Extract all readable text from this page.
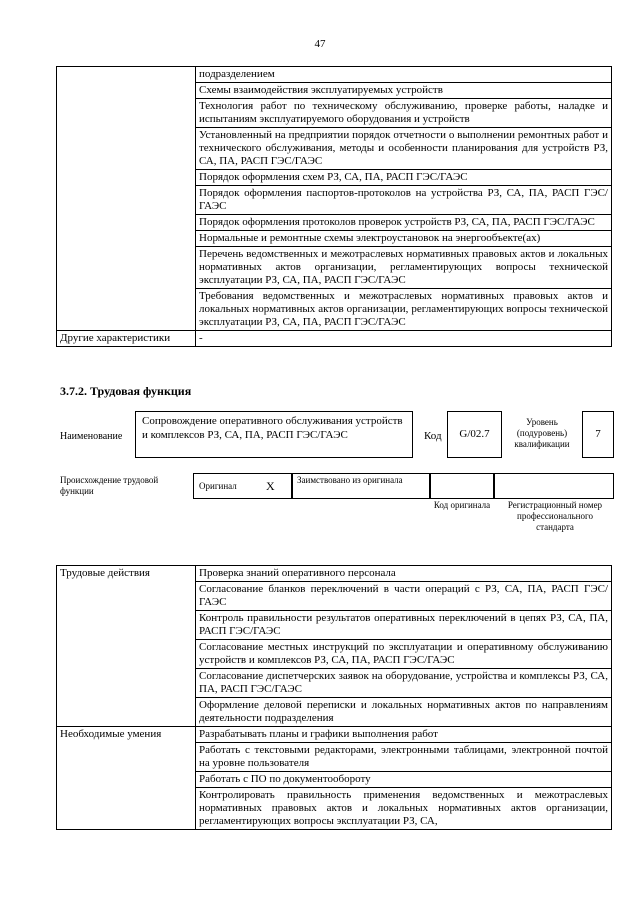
47
	подразделением
	Схемы взаимодействия эксплуатируемых устройств
	Технология работ по техническому обслуживанию, проверке работы, наладке и испытаниям эксплуатируемого оборудования и устройств
	Установленный на предприятии порядок отчетности о выполнении ремонтных работ и технического обслуживания, методы и особенности планирования для устройств РЗ, СА, ПА, РАСП ГЭС/ГАЭС
	Порядок оформления схем РЗ, СА, ПА, РАСП ГЭС/ГАЭС
	Порядок оформления паспортов-протоколов на устройства РЗ, СА, ПА, РАСП ГЭС/ГАЭС
	Порядок оформления протоколов проверок устройств РЗ, СА, ПА, РАСП ГЭС/ГАЭС
	Нормальные и ремонтные схемы электроустановок на энергообъекте(ах)
	Перечень ведомственных и межотраслевых нормативных правовых актов и локальных нормативных актов организации, регламентирующих вопросы технической эксплуатации РЗ, СА, ПА, РАСП ГЭС/ГАЭС
	Требования ведомственных и межотраслевых нормативных правовых актов и локальных нормативных актов организации, регламентирующих вопросы технической эксплуатации РЗ, СА, ПА, РАСП ГЭС/ГАЭС
Другие характеристики	-
3.7.2. Трудовая функция
Наименование
Сопровождение оперативного обслуживания устройств и комплексов РЗ, СА, ПА, РАСП ГЭС/ГАЭС	Код	G/02.7
Уровень (подуровень) квалификации
7
Происхождение трудовой функции	Оригинал X Заимствовано из оригинала
Код оригинала	Регистрационный номер профессионального стандарта
Трудовые действия	Проверка знаний оперативного персонала
	Согласование бланков переключений в части операций с РЗ, СА, ПА, РАСП ГЭС/ГАЭС
	Контроль правильности результатов оперативных переключений в цепях РЗ, СА, ПА, РАСП ГЭС/ГАЭС
	Согласование местных инструкций по эксплуатации и оперативному обслуживанию устройств и комплексов РЗ, СА, ПА, РАСП ГЭС/ГАЭС
	Согласование диспетчерских заявок на оборудование, устройства и комплексы РЗ, СА, ПА, РАСП ГЭС/ГАЭС
	Оформление деловой переписки и локальных нормативных актов по направлениям деятельности подразделения
Необходимые умения	Разрабатывать планы и графики выполнения работ
	Работать с текстовыми редакторами, электронными таблицами, электронной почтой на уровне пользователя
	Работать с ПО по документообороту
	Контролировать правильность применения ведомственных и межотраслевых нормативных правовых актов и локальных нормативных актов организации, регламентирующих вопросы эксплуатации РЗ, СА,
